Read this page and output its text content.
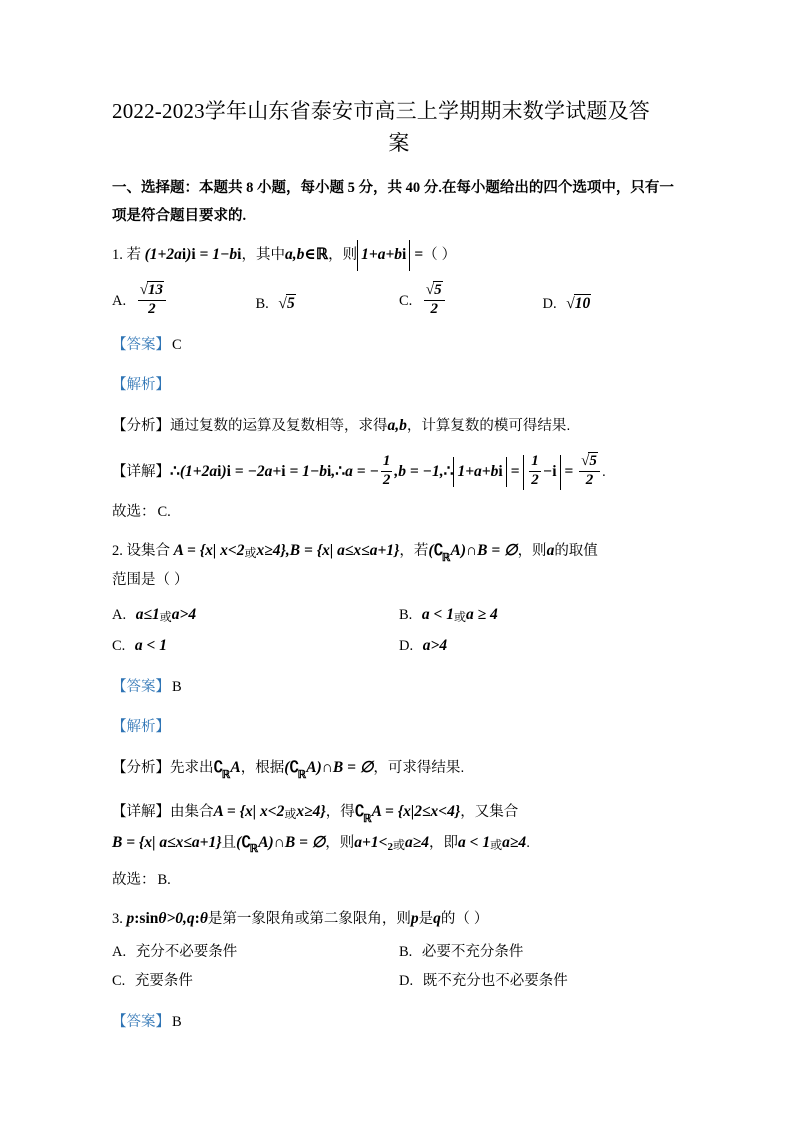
2022-2023学年山东省泰安市高三上学期期末数学试题及答
案
一、选择题：本题共 8 小题，每小题 5 分，共 40 分.在每小题给出的四个选项中，只有一
项是符合题目要求的.
1. 若 (1+2ai)i = 1−bi，其中a,b∈ℝ，则 1+a+bi =（ ）
A. $\frac{√13}{2}$	B. √5	C. $\frac{√5}{2}$	D. √10
【答案】 C
【解析】
【分析】通过复数的运算及复数相等，求得a,b，计算复数的模可得结果.
【详解】∴(1+2ai)i = −2a+i = 1−bi,∴a = − $\frac{1}{2} ,b$ = −1,∴ $1+a+bi = \frac{1}{2} -i = \frac{√5}{2}$ .
故选： C.
2. 设集合 A = {x| x<2或x≥4},B = {x| a≤x≤a+1}，若(∁
ℝ A)∩B = ∅，则a的取值
范围是（ ）
A. a≤1或a>4	B. a < 1或a ≥ 4
C. a < 1	D. a>4
【答案】 B
【解析】
【分析】先求出∁
ℝ A，根据(∁
ℝ A)∩B = ∅，可求得结果.
【详解】由集合A = {x| x<2或x≥4}，得∁
ℝ A = {x|2≤x<4}，又集合
B = {x| a≤x≤a+1}且(∁
ℝ A)∩B = ∅，则a+1<2或a≥4，即a < 1或a≥4.
故选： B.
3. p:sinθ>0,q:θ是第一象限角或第二象限角，则p是q的（ ）
A. 充分不必要条件	B. 必要不充分条件
C. 充要条件	D. 既不充分也不必要条件
【答案】 B
